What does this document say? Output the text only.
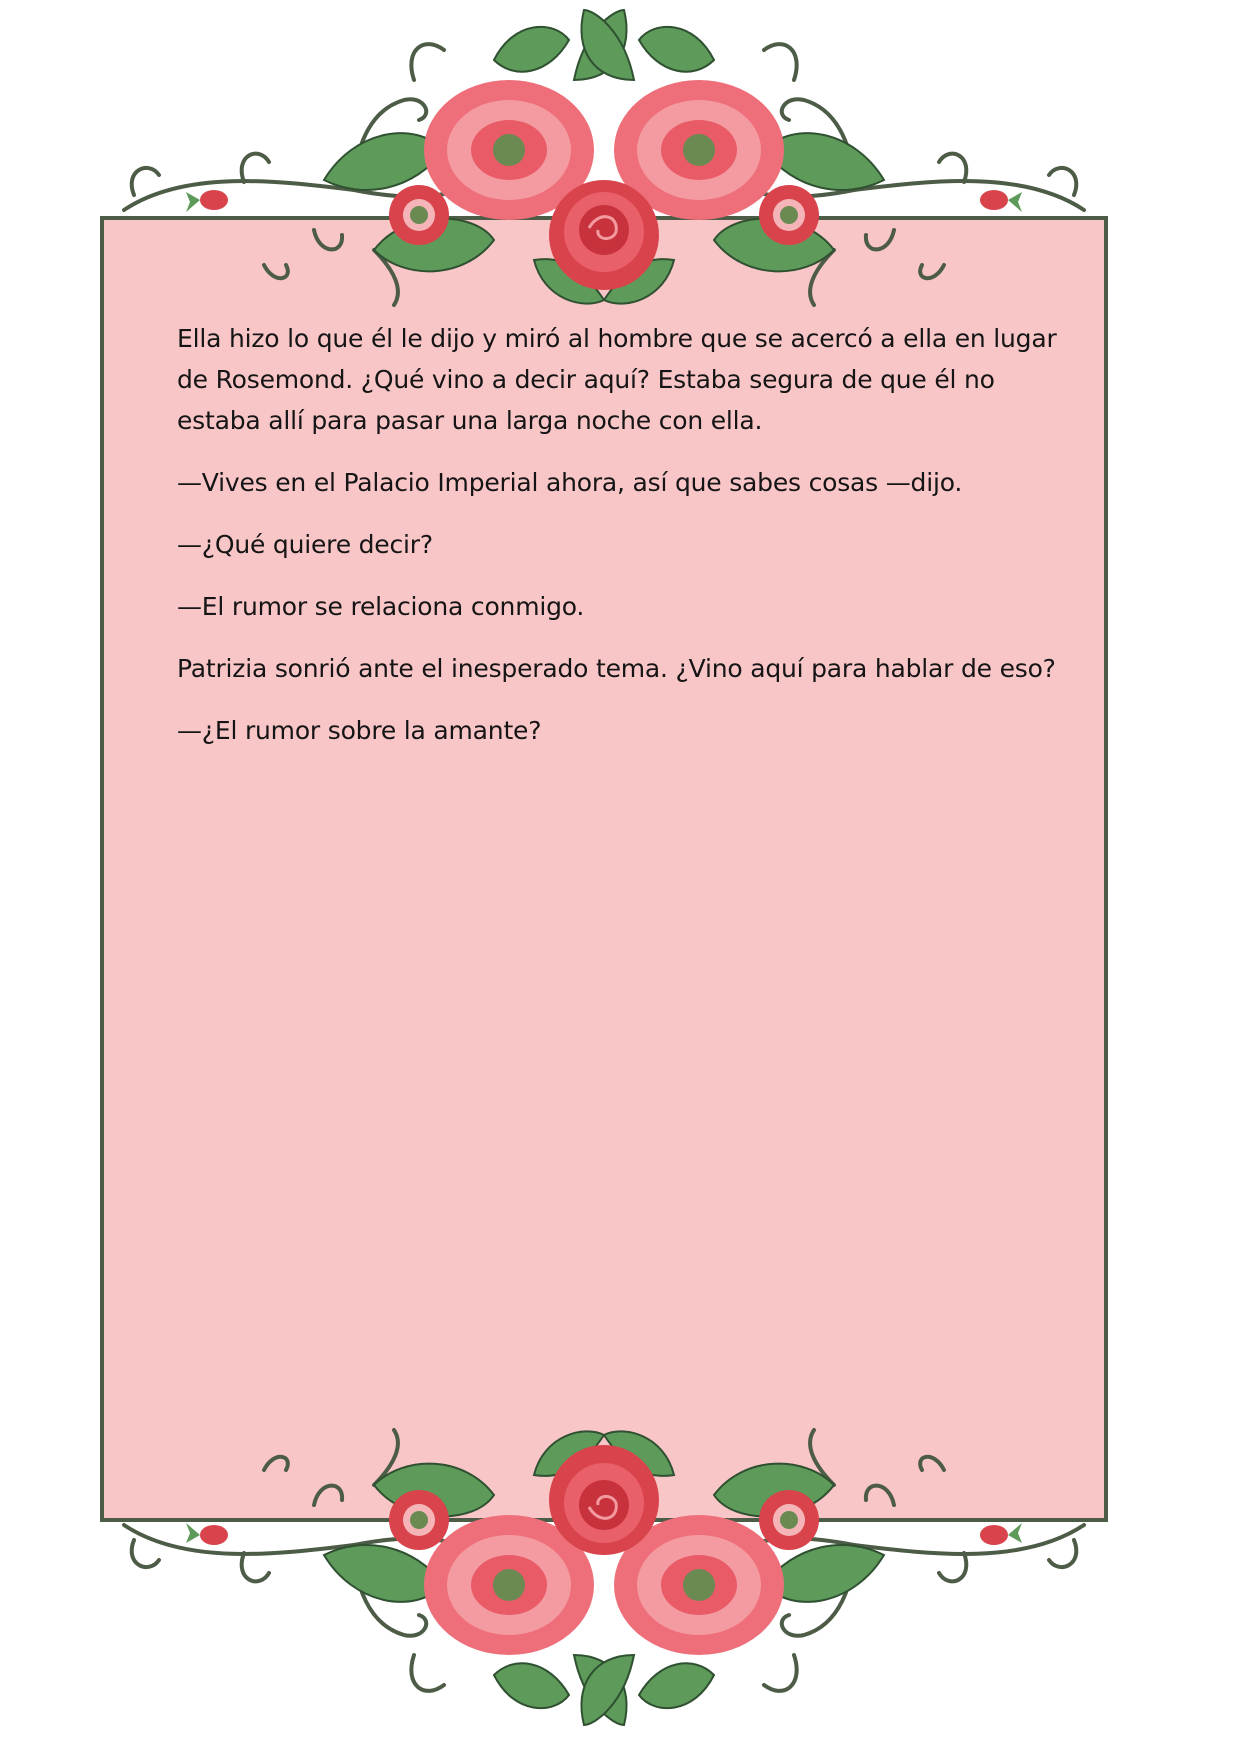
Ella hizo lo que él le dijo y miró al hombre que se acercó a ella en lugar de Rosemond. ¿Qué vino a decir aquí? Estaba segura de que él no estaba allí para pasar una larga noche con ella.

—Vives en el Palacio Imperial ahora, así que sabes cosas —dijo.

—¿Qué quiere decir?

—El rumor se relaciona conmigo.

Patrizia sonrió ante el inesperado tema. ¿Vino aquí para hablar de eso?

—¿El rumor sobre la amante?
